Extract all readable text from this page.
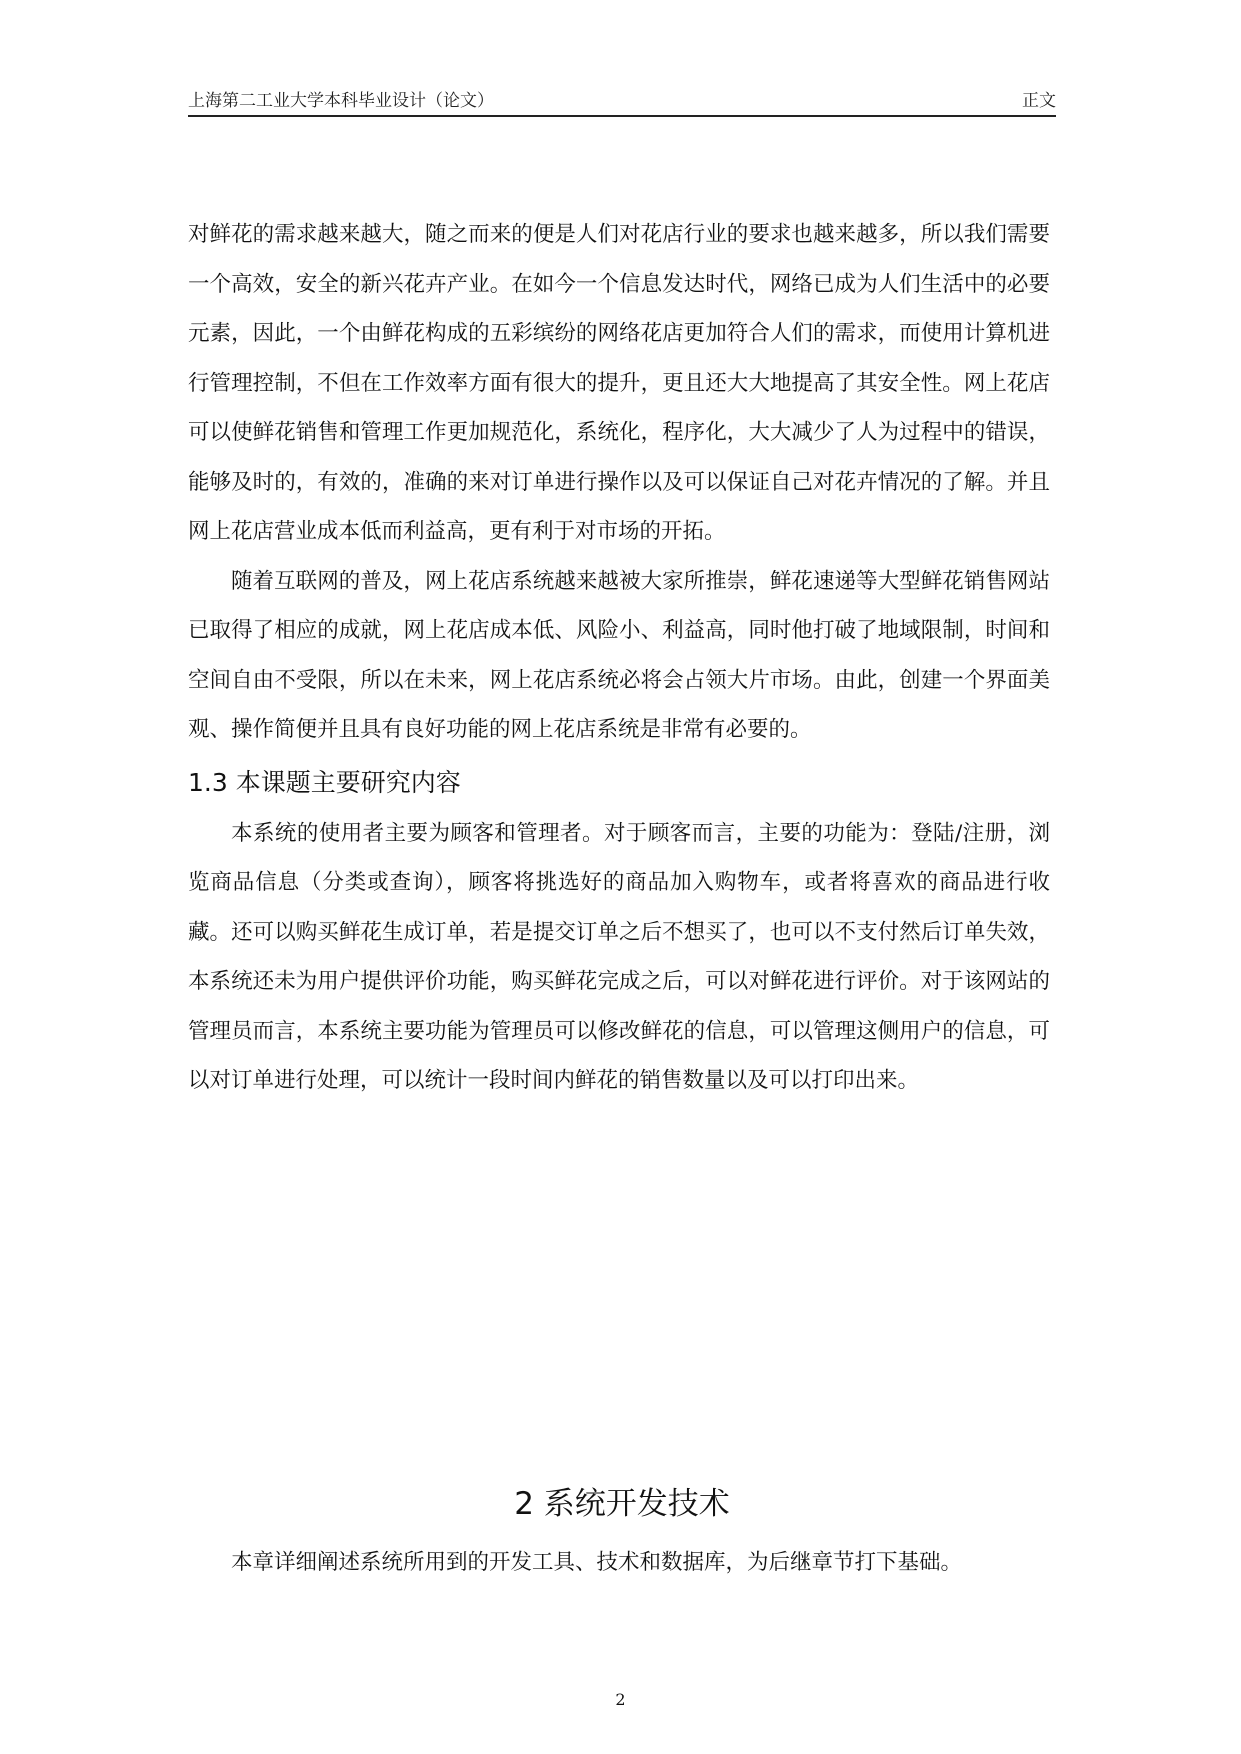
上海第二工业大学本科毕业设计（论文）	正文

对鲜花的需求越来越大，随之而来的便是人们对花店行业的要求也越来越多，所以我们需要一个高效，安全的新兴花卉产业。在如今一个信息发达时代，网络已成为人们生活中的必要元素，因此，一个由鲜花构成的五彩缤纷的网络花店更加符合人们的需求，而使用计算机进行管理控制，不但在工作效率方面有很大的提升，更且还大大地提高了其安全性。网上花店可以使鲜花销售和管理工作更加规范化，系统化，程序化，大大减少了人为过程中的错误，能够及时的，有效的，准确的来对订单进行操作以及可以保证自己对花卉情况的了解。并且网上花店营业成本低而利益高，更有利于对市场的开拓。

随着互联网的普及，网上花店系统越来越被大家所推崇，鲜花速递等大型鲜花销售网站已取得了相应的成就，网上花店成本低、风险小、利益高，同时他打破了地域限制，时间和空间自由不受限，所以在未来，网上花店系统必将会占领大片市场。由此，创建一个界面美观、操作简便并且具有良好功能的网上花店系统是非常有必要的。

1.3 本课题主要研究内容

本系统的使用者主要为顾客和管理者。对于顾客而言，主要的功能为：登陆/注册，浏览商品信息（分类或查询），顾客将挑选好的商品加入购物车，或者将喜欢的商品进行收藏。还可以购买鲜花生成订单，若是提交订单之后不想买了，也可以不支付然后订单失效，本系统还未为用户提供评价功能，购买鲜花完成之后，可以对鲜花进行评价。对于该网站的管理员而言，本系统主要功能为管理员可以修改鲜花的信息，可以管理这侧用户的信息，可以对订单进行处理，可以统计一段时间内鲜花的销售数量以及可以打印出来。

2 系统开发技术

本章详细阐述系统所用到的开发工具、技术和数据库，为后继章节打下基础。

2
